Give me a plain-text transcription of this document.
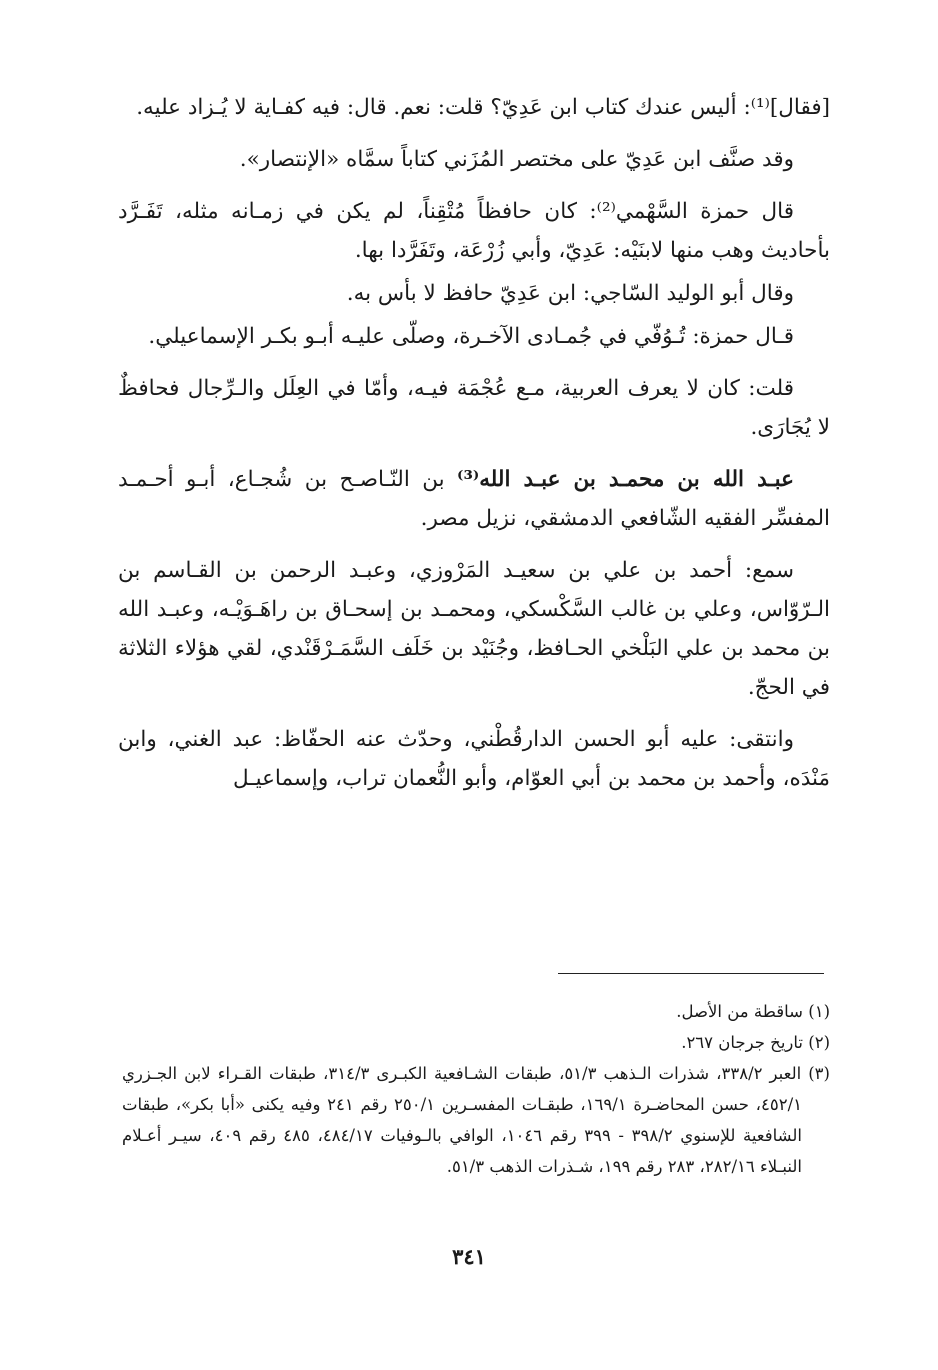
[فقال]⁽¹⁾: أليس عندك كتاب ابن عَدِيّ؟ قلت: نعم. قال: فيه كفـاية لا يُـزاد عليه.

وقد صنَّف ابن عَدِيّ على مختصر المُزَني كتاباً سمَّاه «الإنتصار».

قال حمزة السَّهْمي⁽²⁾: كان حافظاً مُتْقِناً، لم يكن في زمـانه مثله، تَفَـرَّد بأحاديث وهب منها لابنَيْه: عَدِيّ، وأبي زُرْعَة، وتَفَرَّدا بها.

وقال أبو الوليد السّاجي: ابن عَدِيّ حافظ لا بأس به.

قـال حمزة: تُـوُفّي في جُمـادى الآخـرة، وصلّى عليـه أبـو بكـر الإسماعيلي.

قلت: كان لا يعرف العربية، مـع عُجْمَة فيـه، وأمّا في العِلَل والـرِّجال فحافظٌ لا يُجَارَى.

عبـد الله بن محمـد بن عبـد الله⁽³⁾ بن النّـاصـح بن شُجـاع، أبـو أحـمـد المفسِّر الفقيه الشّافعي الدمشقي، نزيل مصر.

سمع: أحمد بن علي بن سعيـد المَرْوزي، وعبـد الرحمن بن القـاسم بن الـرّوّاس، وعلي بن غالب السَّكْسكي، ومحمـد بن إسحـاق بن راهَـوَيْـه، وعبـد الله بن محمد بن علي البَلْخي الحـافظ، وجُنَيْد بن خَلَف السَّمَـرْقَنْدي، لقي هؤلاء الثلاثة في الحجّ.

وانتقى: عليه أبو الحسن الدارقُطْني، وحدّث عنه الحفّاظ: عبد الغني، وابن مَنْدَه، وأحمد بن محمد بن أبي العوّام، وأبو النُّعمان تراب، وإسماعيـل

(١) ساقطة من الأصل.

(٢) تاريخ جرجان ٢٦٧.

(٣) العبر ٣٣٨/٢، شذرات الـذهب ٥١/٣، طبقات الشـافعية الكبـرى ٣١٤/٣، طبقات القـراء لابن الجـزري ٤٥٢/١، حسن المحاضـرة ١٦٩/١، طبقـات المفسـرين ٢٥٠/١ رقم ٢٤١ وفيه يكنى «أبا بكر»، طبقات الشافعية للإسنوي ٣٩٨/٢ - ٣٩٩ رقم ١٠٤٦، الوافي بالـوفيات ٤٨٤/١٧، ٤٨٥ رقم ٤٠٩، سيـر أعـلام النبـلاء ٢٨٢/١٦، ٢٨٣ رقم ١٩٩، شـذرات الذهب ٥١/٣.

٣٤١
